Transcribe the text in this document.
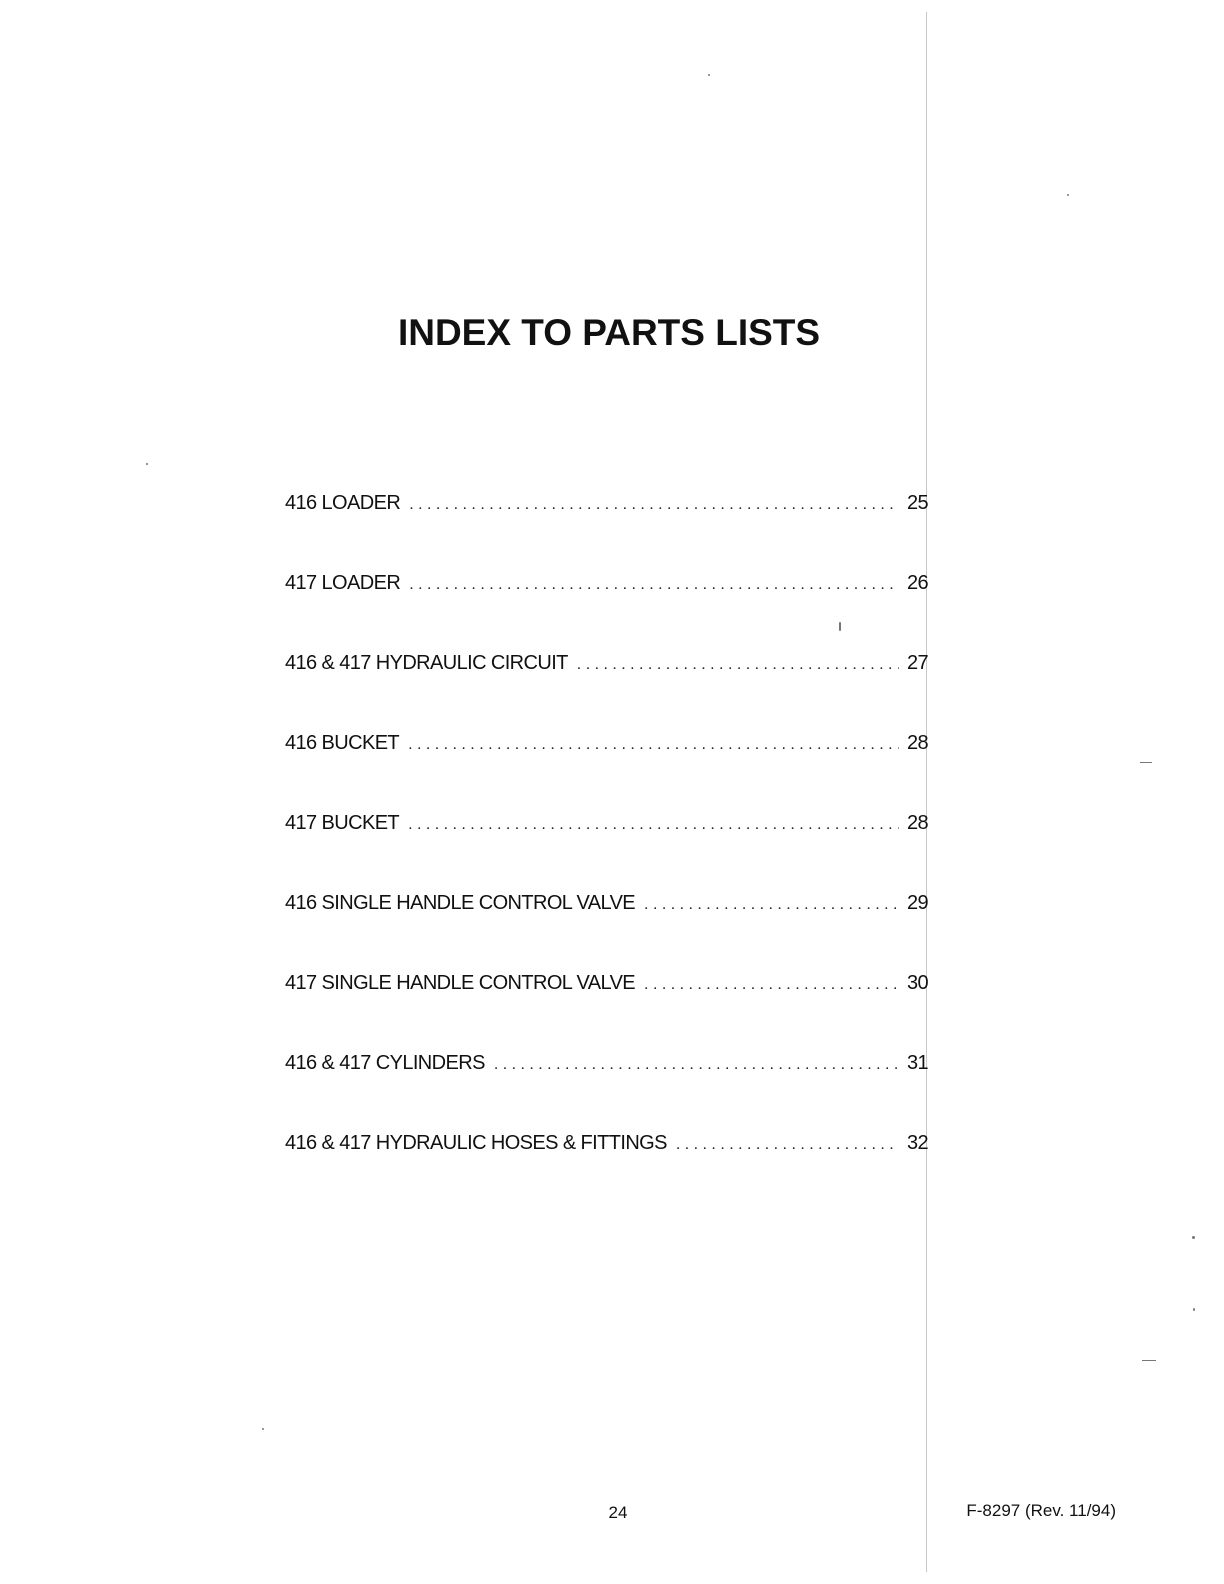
INDEX TO PARTS LISTS
416 LOADER . . .	25
417 LOADER . . .	26
416 & 417 HYDRAULIC CIRCUIT . . .	27
416 BUCKET . . .	28
417 BUCKET . . .	28
416 SINGLE HANDLE CONTROL VALVE . . .	29
417 SINGLE HANDLE CONTROL VALVE . . .	30
416 & 417 CYLINDERS . . .	31
416 & 417 HYDRAULIC HOSES & FITTINGS . . .	32
24	F-8297 (Rev. 11/94)
